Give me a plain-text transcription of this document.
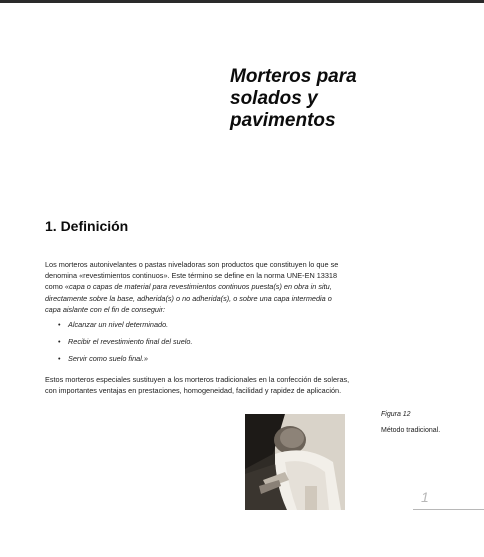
Morteros para
solados y
pavimentos
1. Definición
Los morteros autonivelantes o pastas niveladoras son productos que constituyen lo que se
denomina «revestimientos continuos». Este término se define en la norma UNE-EN 13318
como «capa o capas de material para revestimientos continuos puesta(s) en obra in situ,
directamente sobre la base, adherida(s) o no adherida(s), o sobre una capa intermedia o
capa aislante con el fin de conseguir:
• Alcanzar un nivel determinado.
• Recibir el revestimiento final del suelo.
• Servir como suelo final.»
Estos morteros especiales sustituyen a los morteros tradicionales en la confección de soleras,
con importantes ventajas en prestaciones, homogeneidad, facilidad y rapidez de aplicación.
Figura 12
Método tradicional.
1
